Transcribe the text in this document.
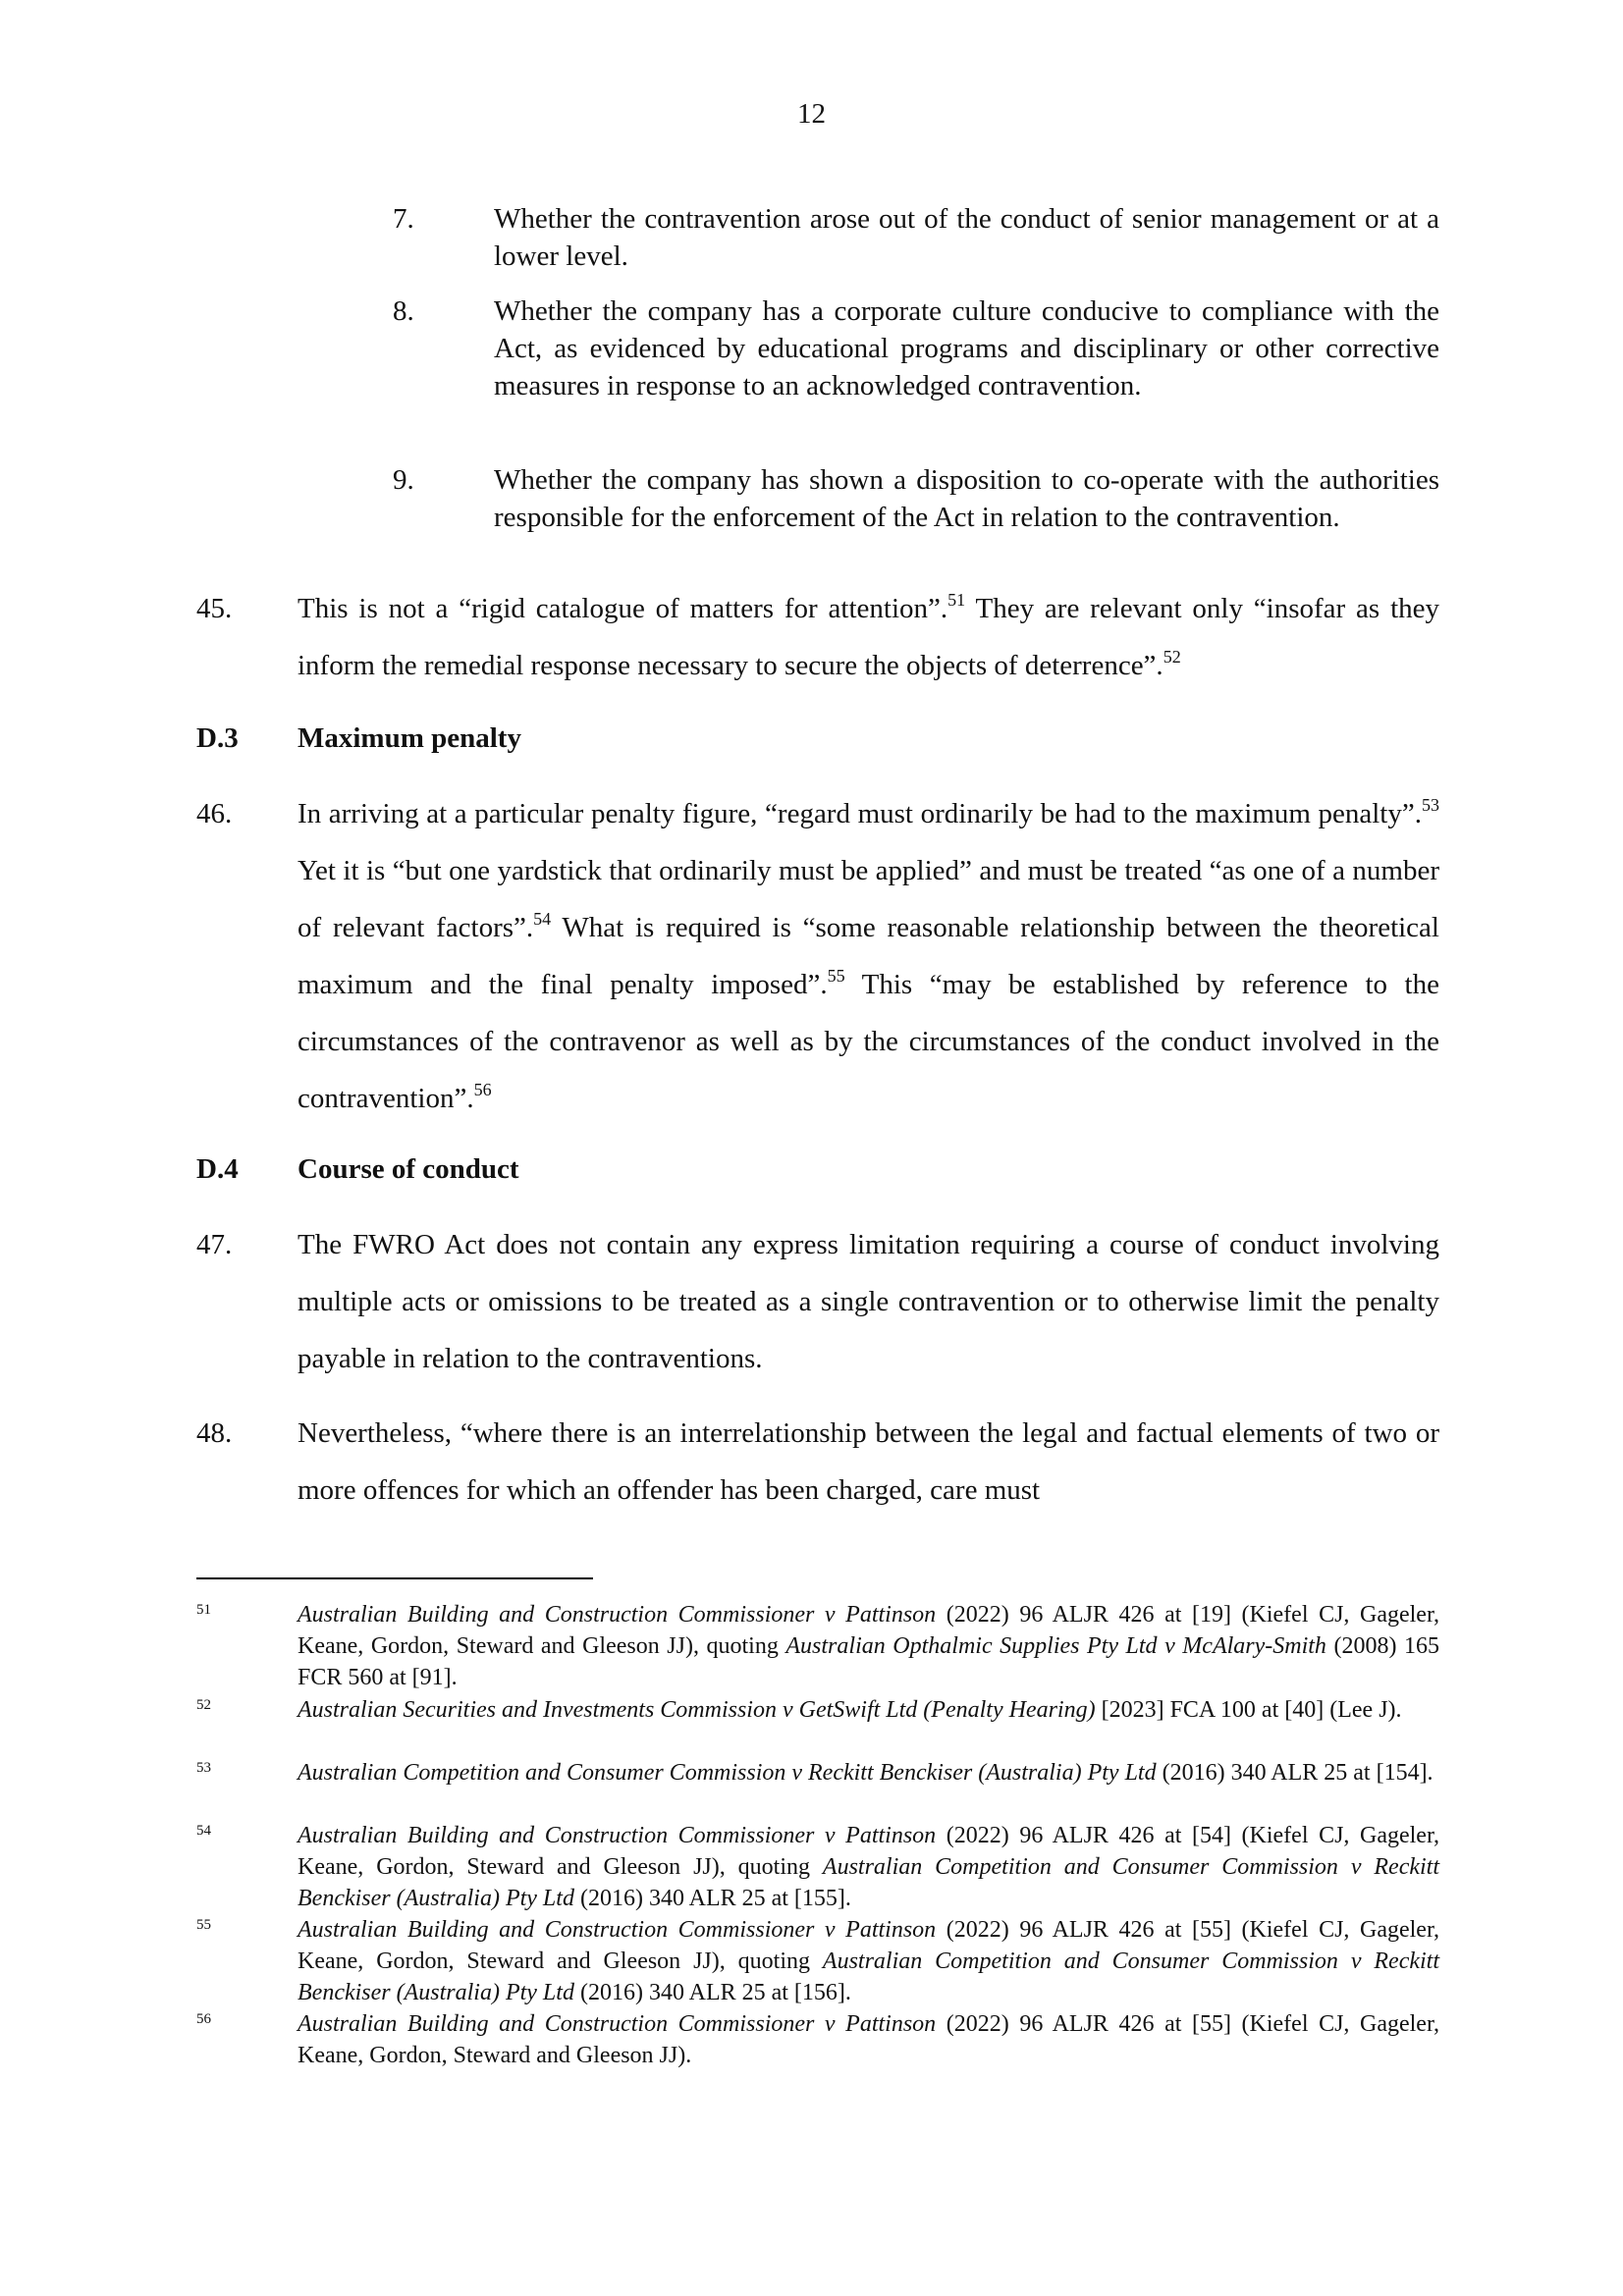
12
7.	Whether the contravention arose out of the conduct of senior management or at a lower level.
8.	Whether the company has a corporate culture conducive to compliance with the Act, as evidenced by educational programs and disciplinary or other corrective measures in response to an acknowledged contravention.
9.	Whether the company has shown a disposition to co-operate with the authorities responsible for the enforcement of the Act in relation to the contravention.
45. This is not a “rigid catalogue of matters for attention”.$^{51}$ They are relevant only “insofar as they inform the remedial response necessary to secure the objects of deterrence”.$^{52}$
D.3 Maximum penalty
46. In arriving at a particular penalty figure, “regard must ordinarily be had to the maximum penalty”.$^{53}$ Yet it is “but one yardstick that ordinarily must be applied” and must be treated “as one of a number of relevant factors”.$^{54}$ What is required is “some reasonable relationship between the theoretical maximum and the final penalty imposed”.$^{55}$ This “may be established by reference to the circumstances of the contravenor as well as by the circumstances of the conduct involved in the contravention”.$^{56}$
D.4 Course of conduct
47. The FWRO Act does not contain any express limitation requiring a course of conduct involving multiple acts or omissions to be treated as a single contravention or to otherwise limit the penalty payable in relation to the contraventions.
48. Nevertheless, “where there is an interrelationship between the legal and factual elements of two or more offences for which an offender has been charged, care must
51	Australian Building and Construction Commissioner v Pattinson (2022) 96 ALJR 426 at [19] (Kiefel CJ, Gageler, Keane, Gordon, Steward and Gleeson JJ), quoting Australian Opthalmic Supplies Pty Ltd v McAlary-Smith (2008) 165 FCR 560 at [91].
52	Australian Securities and Investments Commission v GetSwift Ltd (Penalty Hearing) [2023] FCA 100 at [40] (Lee J).
53	Australian Competition and Consumer Commission v Reckitt Benckiser (Australia) Pty Ltd (2016) 340 ALR 25 at [154].
54	Australian Building and Construction Commissioner v Pattinson (2022) 96 ALJR 426 at [54] (Kiefel CJ, Gageler, Keane, Gordon, Steward and Gleeson JJ), quoting Australian Competition and Consumer Commission v Reckitt Benckiser (Australia) Pty Ltd (2016) 340 ALR 25 at [155].
55	Australian Building and Construction Commissioner v Pattinson (2022) 96 ALJR 426 at [55] (Kiefel CJ, Gageler, Keane, Gordon, Steward and Gleeson JJ), quoting Australian Competition and Consumer Commission v Reckitt Benckiser (Australia) Pty Ltd (2016) 340 ALR 25 at [156].
56	Australian Building and Construction Commissioner v Pattinson (2022) 96 ALJR 426 at [55] (Kiefel CJ, Gageler, Keane, Gordon, Steward and Gleeson JJ).
